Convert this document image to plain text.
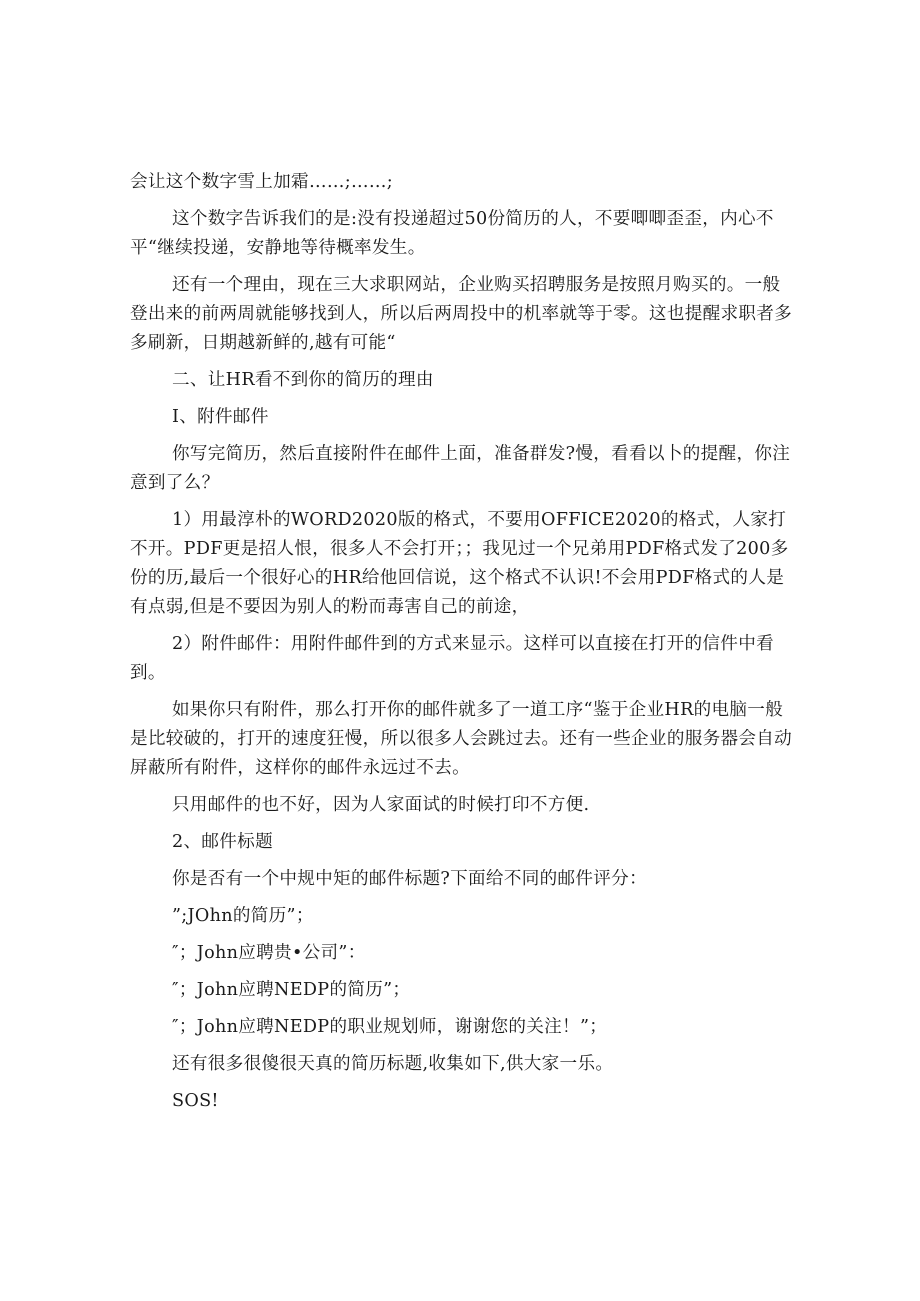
会让这个数字雪上加霜……;……;

这个数字告诉我们的是:没有投递超过50份简历的人，不要唧唧歪歪，内心不平“继续投递，安静地等待概率发生。

还有一个理由，现在三大求职网站，企业购买招聘服务是按照月购买的。一般登出来的前两周就能够找到人，所以后两周投中的机率就等于零。这也提醒求职者多多刷新，日期越新鲜的,越有可能“

二、让HR看不到你的简历的理由

I、附件邮件

你写完简历，然后直接附件在邮件上面，准备群发?慢，看看以卜的提醒，你注意到了么？

1）用最淳朴的WORD2020版的格式，不要用OFFICE2020的格式，人家打不开。PDF更是招人恨，很多人不会打开；；我见过一个兄弟用PDF格式发了200多份的历,最后一个很好心的HR给他回信说，这个格式不认识!不会用PDF格式的人是有点弱,但是不要因为别人的粉而毒害自己的前途，

2）附件邮件：用附件邮件到的方式来显示。这样可以直接在打开的信件中看到。

如果你只有附件，那么打开你的邮件就多了一道工序“鉴于企业HR的电脑一般是比较破的，打开的速度狂慢，所以很多人会跳过去。还有一些企业的服务器会自动屏蔽所有附件，这样你的邮件永远过不去。

只用邮件的也不好，因为人家面试的时候打印不方便.

2、邮件标题

你是否有一个中规中矩的邮件标题?下面给不同的邮件评分：

”;JOhn的简历”；

″；John应聘贵•公司”：

″；John应聘NEDP的简历”；

″；John应聘NEDP的职业规划师，谢谢您的关注！”；

还有很多很傻很天真的简历标题,收集如下,供大家一乐。

SOS!
